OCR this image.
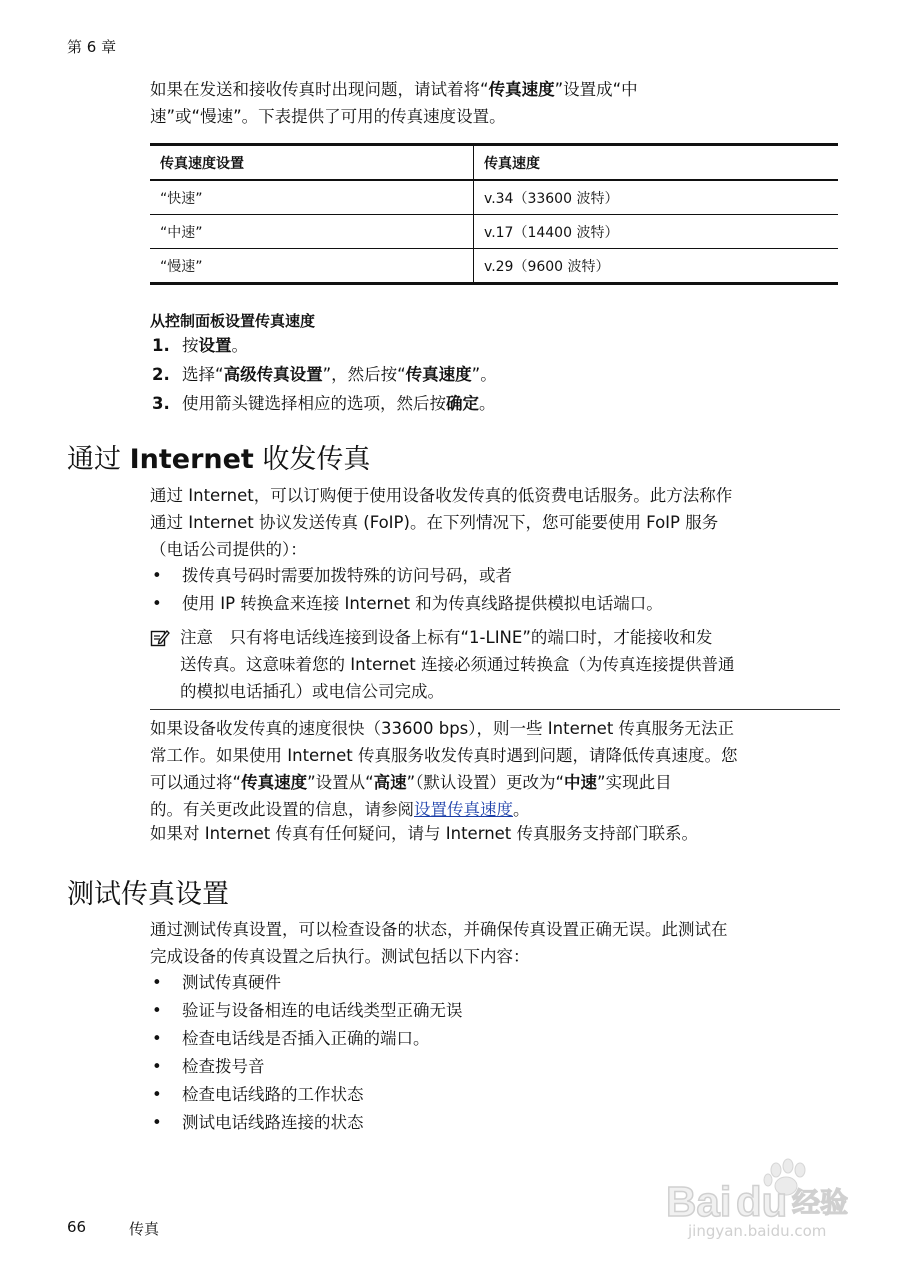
第 6 章
如果在发送和接收传真时出现问题，请试着将“传真速度”设置成“中
速”或“慢速”。下表提供了可用的传真速度设置。
传真速度设置	传真速度
“快速”	v.34（33600 波特）
“中速”	v.17（14400 波特）
“慢速”	v.29（9600 波特）
从控制面板设置传真速度
1. 按设置。
2. 选择“高级传真设置”，然后按“传真速度”。
3. 使用箭头键选择相应的选项，然后按确定。
通过 Internet 收发传真
通过 Internet，可以订购便于使用设备收发传真的低资费电话服务。此方法称作
通过 Internet 协议发送传真 (FoIP)。在下列情况下，您可能要使用 FoIP 服务
（电话公司提供的）：
•	拨传真号码时需要加拨特殊的访问号码，或者
•	使用 IP 转换盒来连接 Internet 和为传真线路提供模拟电话端口。
注意　只有将电话线连接到设备上标有“1-LINE”的端口时，才能接收和发
送传真。这意味着您的 Internet 连接必须通过转换盒（为传真连接提供普通
的模拟电话插孔）或电信公司完成。
如果设备收发传真的速度很快（33600 bps），则一些 Internet 传真服务无法正
常工作。如果使用 Internet 传真服务收发传真时遇到问题，请降低传真速度。您
可以通过将“传真速度”设置从“高速”（默认设置）更改为“中速”实现此目
的。有关更改此设置的信息，请参阅设置传真速度。
如果对 Internet 传真有任何疑问，请与 Internet 传真服务支持部门联系。
测试传真设置
通过测试传真设置，可以检查设备的状态，并确保传真设置正确无误。此测试在
完成设备的传真设置之后执行。测试包括以下内容：
•	测试传真硬件
•	验证与设备相连的电话线类型正确无误
•	检查电话线是否插入正确的端口。
•	检查拨号音
•	检查电话线路的工作状态
•	测试电话线路连接的状态
Bai du 经验
jingyan.baidu.com
66	传真
